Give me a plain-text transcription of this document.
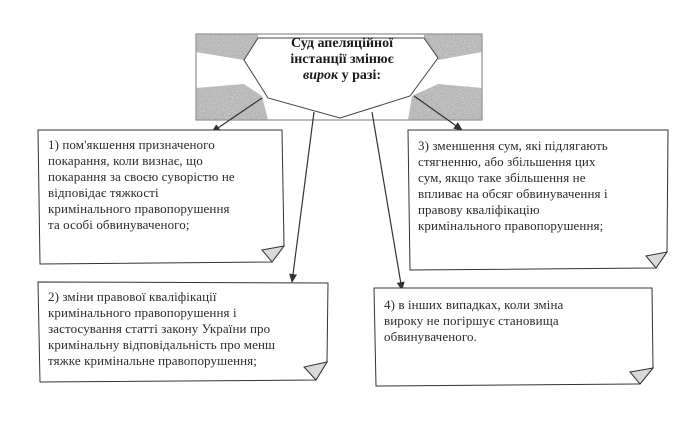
Суд апеляційної
інстанції змінює
вирок у разі:
1) пом'якшення призначеного
покарання, коли визнає, що
покарання за своєю суворістю не
відповідає тяжкості
кримінального правопорушення
та особі обвинуваченого;
2) зміни правової кваліфікації
кримінального правопорушення і
застосування статті закону України про
кримінальну відповідальність про менш
тяжке кримінальне правопорушення;
3) зменшення сум, які підлягають
стягненню, або збільшення цих
сум, якщо таке збільшення не
впливає на обсяг обвинувачення і
правову кваліфікацію
кримінального правопорушення;
4) в інших випадках, коли зміна
вироку не погіршує становища
обвинуваченого.
